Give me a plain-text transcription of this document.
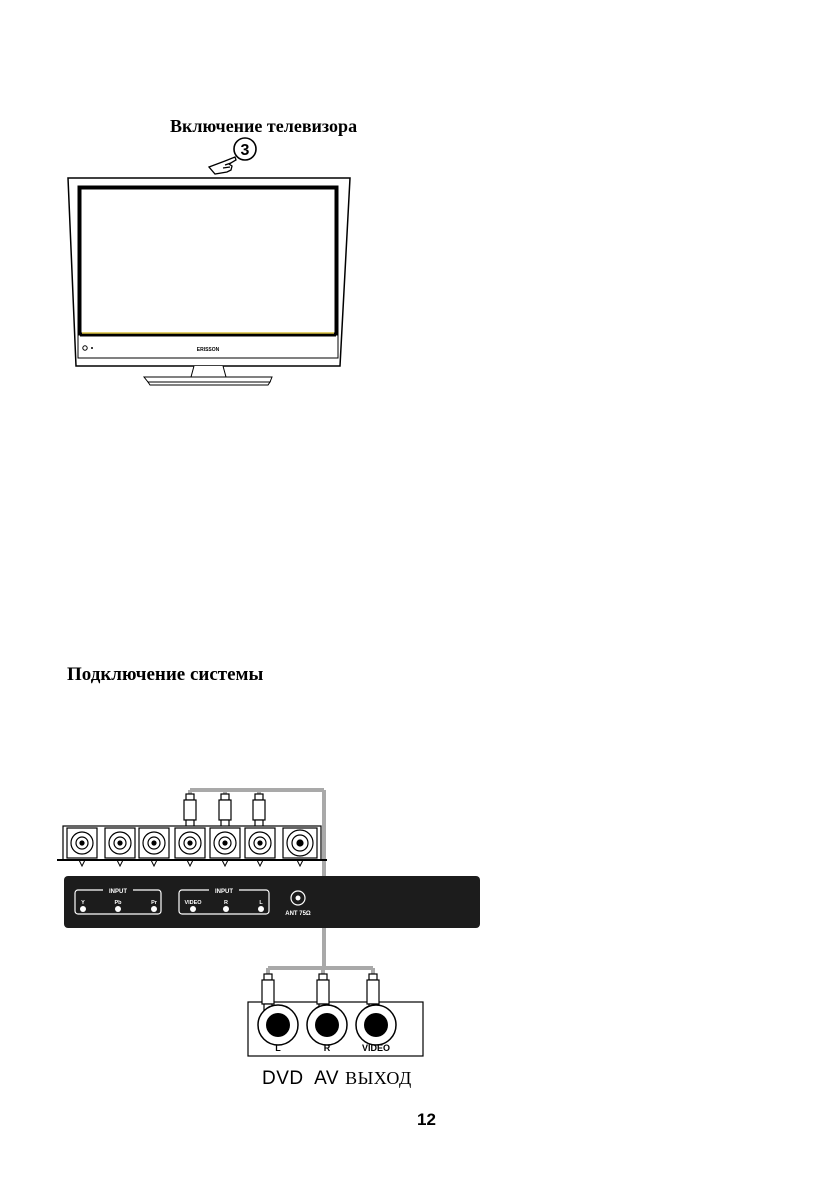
Включение телевизора
3
ERISSON
Подключение системы
INPUT
Y	Pb	Pr
INPUT
VIDEO	R	L
ANT 75Ω
L	R	VIDEO
DVD  AV ВЫХОД
12
